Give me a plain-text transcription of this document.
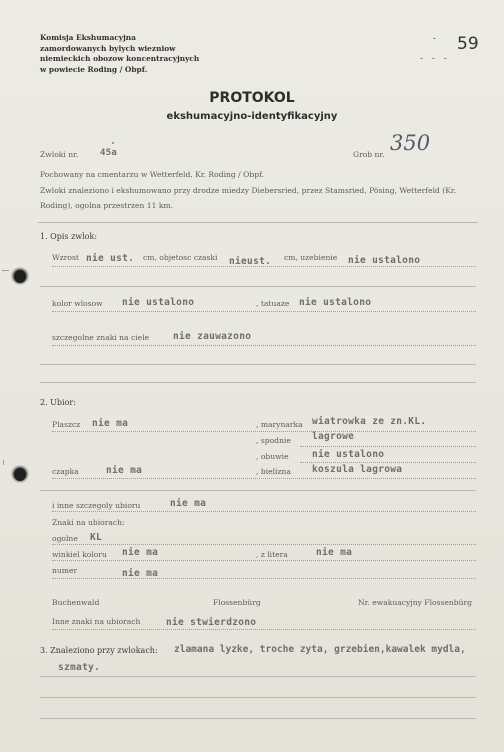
Komisja Ekshumacyjna
zamordowanych bylych wiezniow
niemieckich obozow koncentracyjnych
w powiecie Roding / Obpf.
- 59
- - -
PROTOKOL
ekshumacyjno-identyfikacyjny
Zwloki nr. 45a	Grob nr. 350
Pochowany na cmentarzu w Wetterfeld, Kr. Roding / Obpf.
Zwloki znaleziono i ekshumowano przy drodze miedzy Diebersried, przez Stamsried, Pösing, Wetterfeld (Kr.
Roding), ogolna przestrzen 11 km.
1. Opis zwlok:
Wzrost nie ust. cm, objetosc czaski nieust. cm, uzebienie nie ustalono
kolor wlosow nie ustalono	, tatuaze nie ustalono
szczegolne znaki na ciele	nie zauwazono
2. Ubior:
Plaszcz nie ma	, marynarka wiatrowka ze zn.KL.
, spodnie lagrowe
, obuwie nie ustalono
czapka	nie ma	, bielizna koszula lagrowa
i inne szczegoly ubioru	nie ma
Znaki na ubiorach:
ogolne KL
winkiel koloru nie ma	, z litera	nie ma
numer	nie ma
Buchenwald	Flossenbürg	Nr. ewakuacyjny Flossenbürg
Inne znaki na ubiorach	nie stwierdzono
3. Znaleziono przy zwlokach: zlamana lyzke, troche zyta, grzebien,kawalek mydla,
szmaty.
